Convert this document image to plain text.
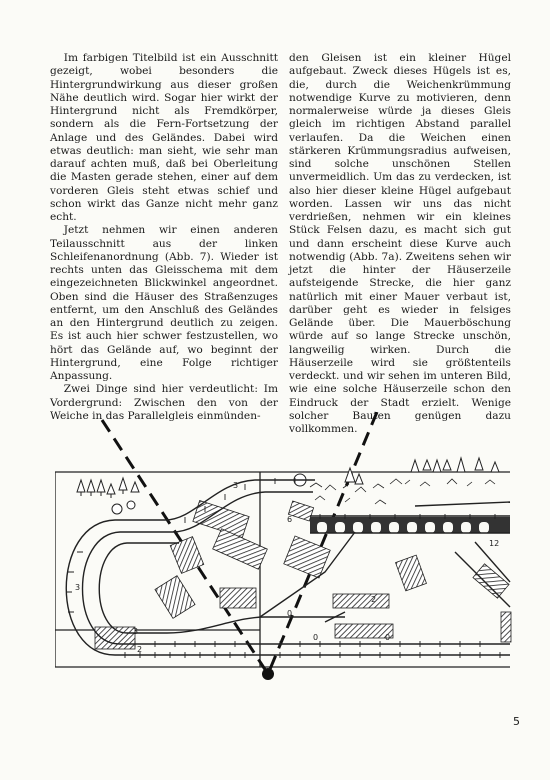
Im farbigen Titelbild ist ein Ausschnitt gezeigt, wobei besonders die Hintergrundwirkung aus dieser großen Nähe deutlich wird. Sogar hier wirkt der Hintergrund nicht als Fremdkörper, sondern als die Fern-Fortsetzung der Anlage und des Geländes. Dabei wird etwas deutlich: man sieht, wie sehr man darauf achten muß, daß bei Oberleitung die Masten gerade stehen, einer auf dem vorderen Gleis steht etwas schief und schon wirkt das Ganze nicht mehr ganz echt.

Jetzt nehmen wir einen anderen Teilausschnitt aus der linken Schleifenanordnung (Abb. 7). Wieder ist rechts unten das Gleisschema mit dem eingezeichneten Blickwinkel angeordnet. Oben sind die Häuser des Straßenzuges entfernt, um den Anschluß des Geländes an den Hintergrund deutlich zu zeigen. Es ist auch hier schwer festzustellen, wo hört das Gelände auf, wo beginnt der Hintergrund, eine Folge richtiger Anpassung.

Zwei Dinge sind hier verdeutlicht: Im Vordergrund: Zwischen den von der Weiche in das Parallelgleis einmünden-

den Gleisen ist ein kleiner Hügel aufgebaut. Zweck dieses Hügels ist es, die, durch die Weichenkrümmung notwendige Kurve zu motivieren, denn normalerweise würde ja dieses Gleis gleich im richtigen Abstand parallel verlaufen. Da die Weichen einen stärkeren Krümmungsradius aufweisen, sind solche unschönen Stellen unvermeidlich. Um das zu verdecken, ist also hier dieser kleine Hügel aufgebaut worden. Lassen wir uns das nicht verdrießen, nehmen wir ein kleines Stück Felsen dazu, es macht sich gut und dann erscheint diese Kurve auch notwendig (Abb. 7a). Zweitens sehen wir jetzt die hinter der Häuserzeile aufsteigende Strecke, die hier ganz natürlich mit einer Mauer verbaut ist, darüber geht es wieder in felsiges Gelände über. Die Mauerböschung würde auf so lange Strecke unschön, langweilig wirken. Durch die Häuserzeile wird sie größtenteils verdeckt. und wir sehen im unteren Bild, wie eine solche Häuserzeile schon den Eindruck der Stadt erzielt. Wenige solcher Bauten genügen dazu vollkommen.

3
2
3
6
3
0
0	0
2
12
5
